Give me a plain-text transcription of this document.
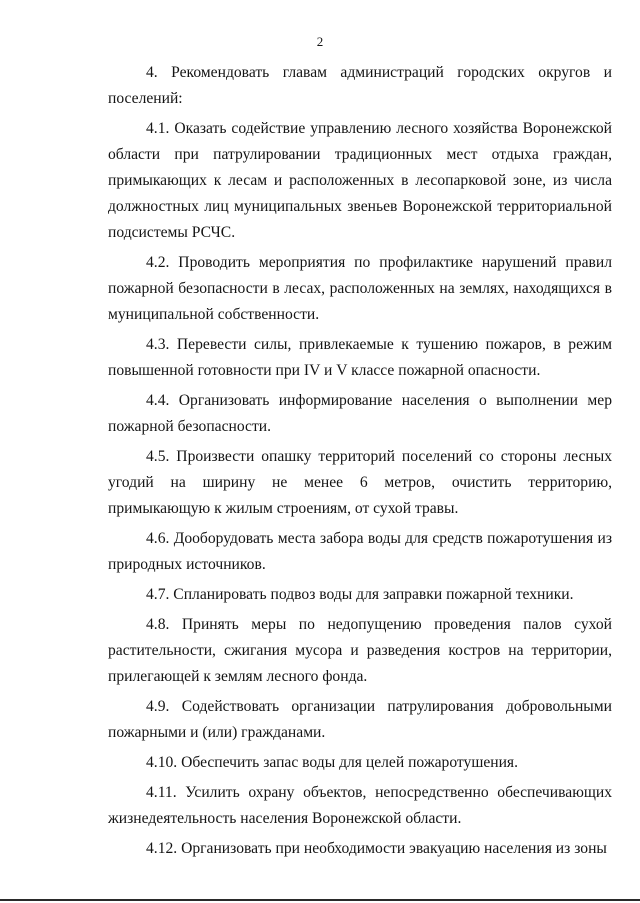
2

4. Рекомендовать главам администраций городских округов и поселений:

4.1. Оказать содействие управлению лесного хозяйства Воронежской области при патрулировании традиционных мест отдыха граждан, примыкающих к лесам и расположенных в лесопарковой зоне, из числа должностных лиц муниципальных звеньев Воронежской территориальной подсистемы РСЧС.

4.2. Проводить мероприятия по профилактике нарушений правил пожарной безопасности в лесах, расположенных на землях, находящихся в муниципальной собственности.

4.3. Перевести силы, привлекаемые к тушению пожаров, в режим повышенной готовности при IV и V классе пожарной опасности.

4.4. Организовать информирование населения о выполнении мер пожарной безопасности.

4.5. Произвести опашку территорий поселений со стороны лесных угодий на ширину не менее 6 метров, очистить территорию, примыкающую к жилым строениям, от сухой травы.

4.6. Дооборудовать места забора воды для средств пожаротушения из природных источников.

4.7. Спланировать подвоз воды для заправки пожарной техники.

4.8. Принять меры по недопущению проведения палов сухой растительности, сжигания мусора и разведения костров на территории, прилегающей к землям лесного фонда.

4.9. Содействовать организации патрулирования добровольными пожарными и (или) гражданами.

4.10. Обеспечить запас воды для целей пожаротушения.

4.11. Усилить охрану объектов, непосредственно обеспечивающих жизнедеятельность населения Воронежской области.

4.12. Организовать при необходимости эвакуацию населения из зоны
